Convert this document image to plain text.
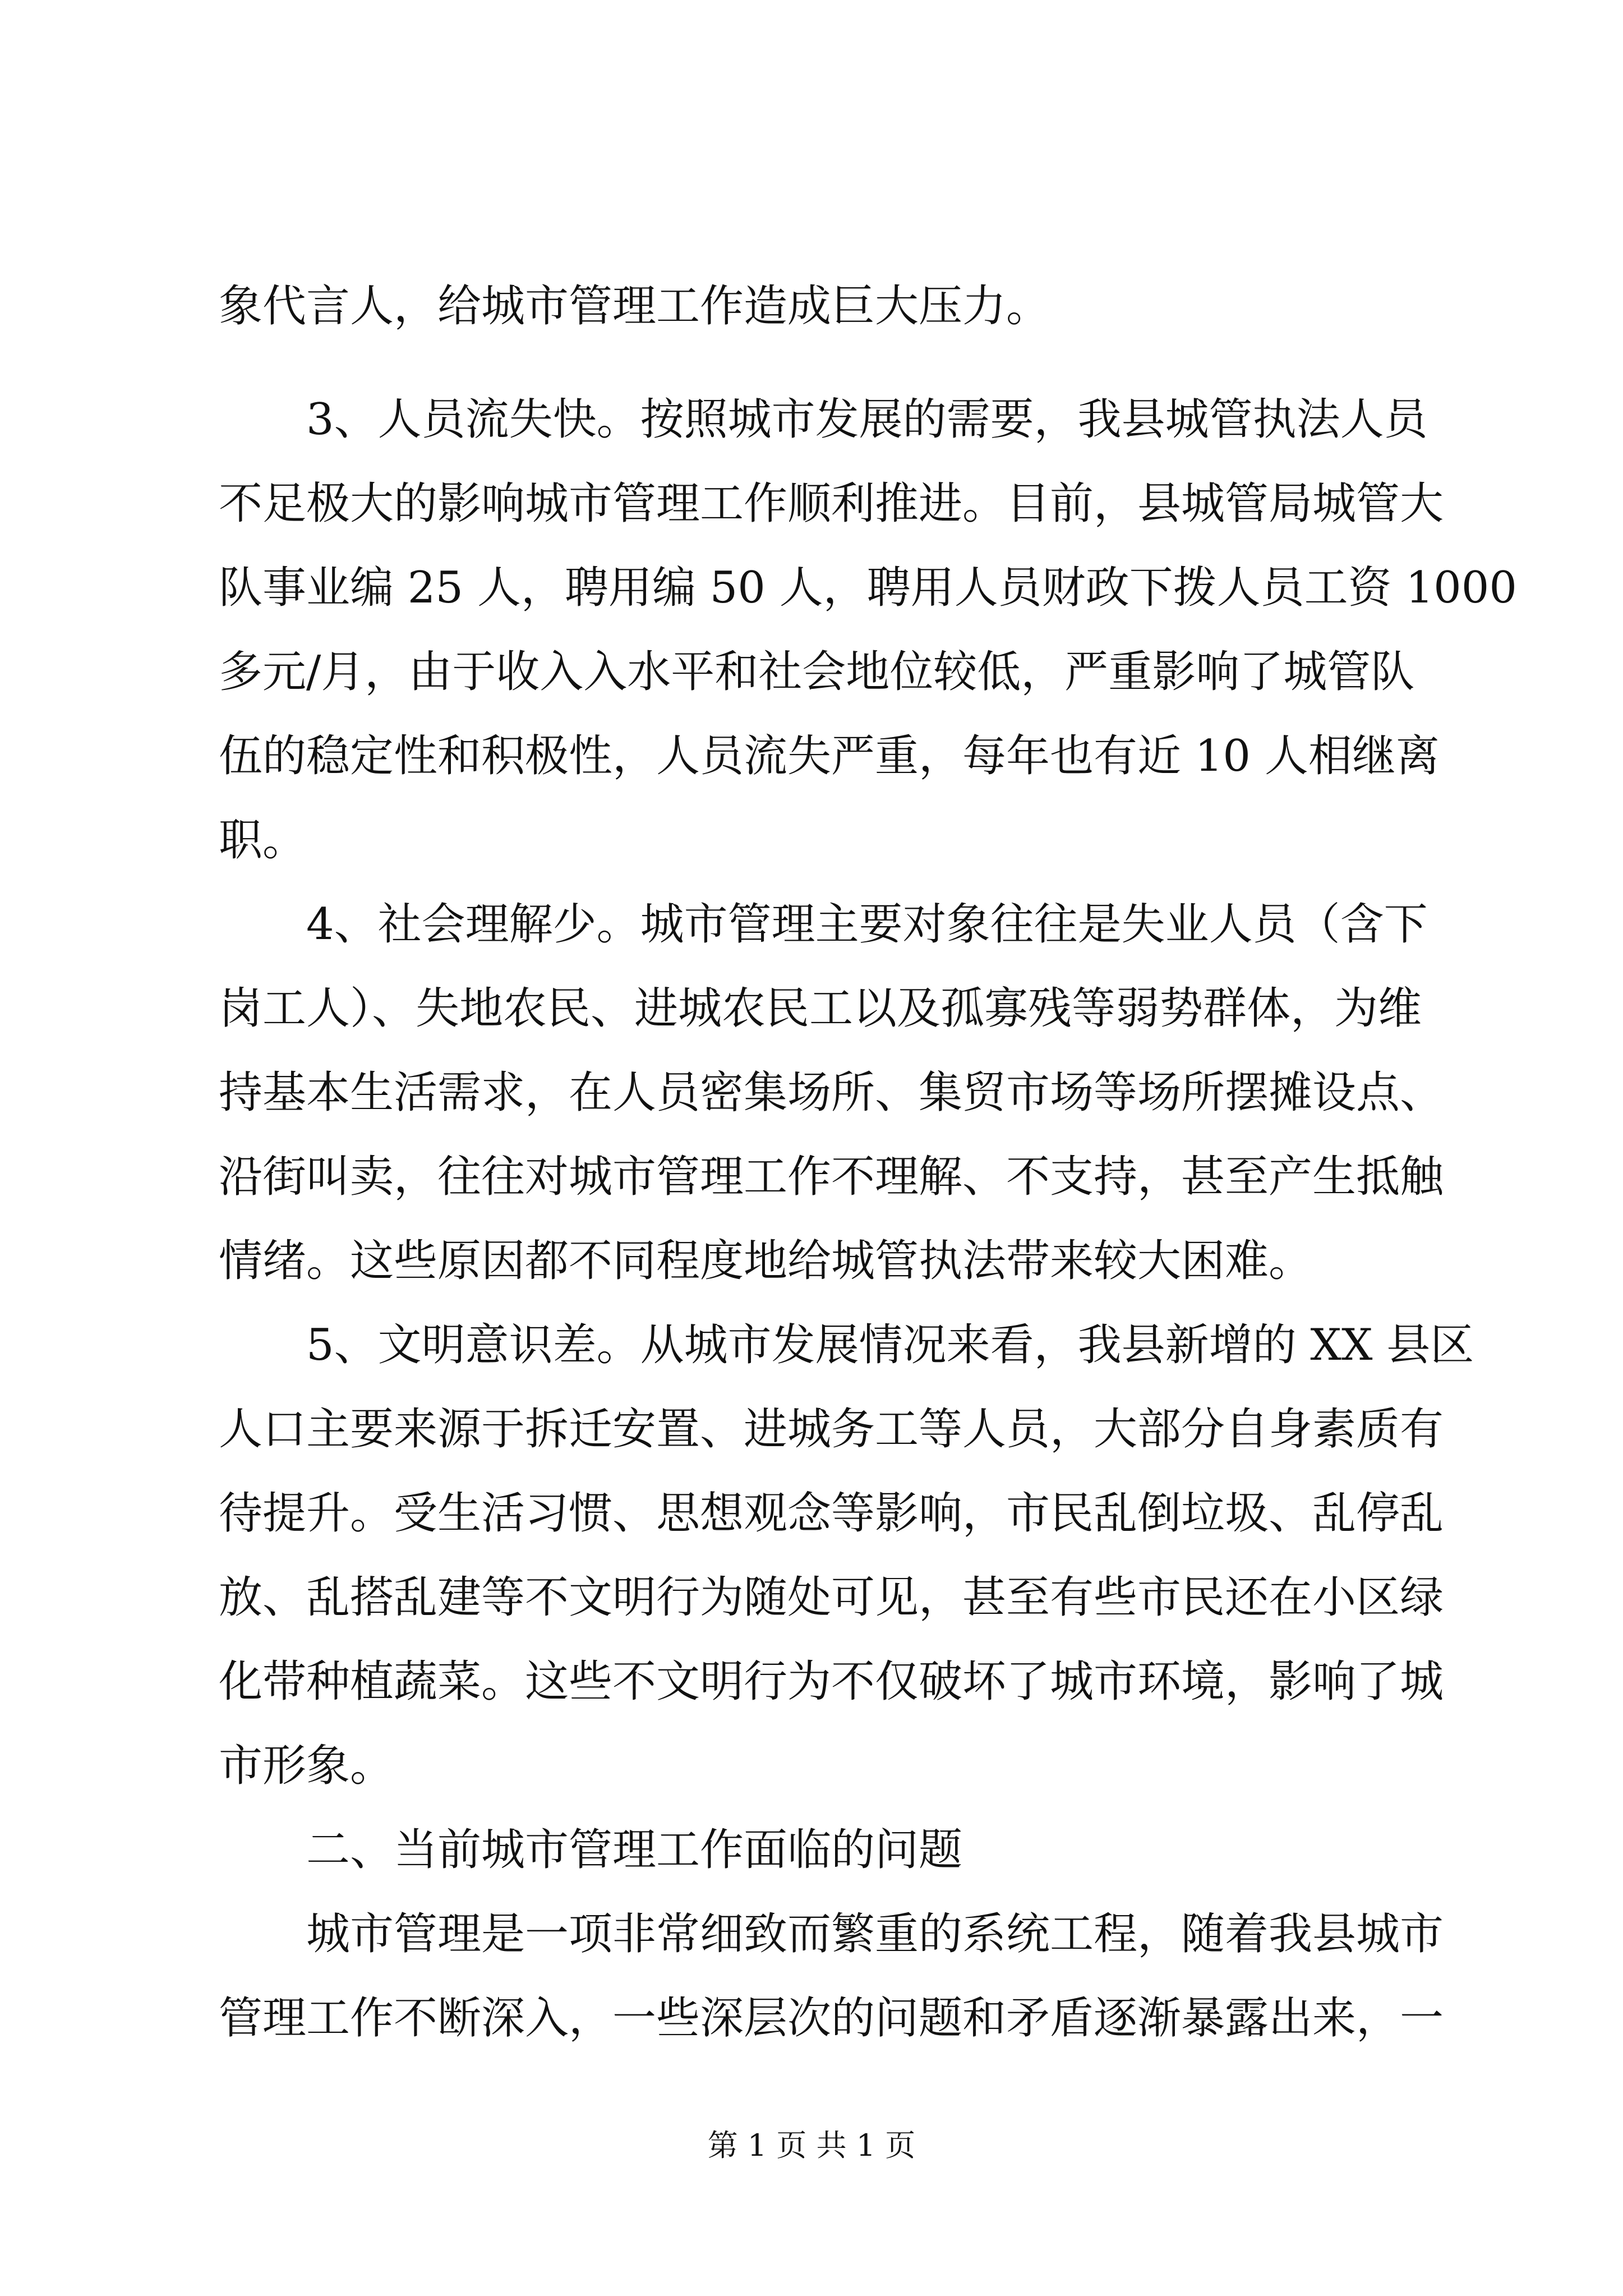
象代言人，给城市管理工作造成巨大压力。
　　3、人员流失快。按照城市发展的需要，我县城管执法人员
不足极大的影响城市管理工作顺利推进。目前，县城管局城管大
队事业编 25 人，聘用编 50 人，聘用人员财政下拨人员工资 1000
多元/月，由于收入入水平和社会地位较低，严重影响了城管队
伍的稳定性和积极性，人员流失严重，每年也有近 10 人相继离
职。
　　4、社会理解少。城市管理主要对象往往是失业人员（含下
岗工人）、失地农民、进城农民工以及孤寡残等弱势群体，为维
持基本生活需求，在人员密集场所、集贸市场等场所摆摊设点、
沿街叫卖，往往对城市管理工作不理解、不支持，甚至产生抵触
情绪。这些原因都不同程度地给城管执法带来较大困难。
　　5、文明意识差。从城市发展情况来看，我县新增的 XX 县区
人口主要来源于拆迁安置、进城务工等人员，大部分自身素质有
待提升。受生活习惯、思想观念等影响，市民乱倒垃圾、乱停乱
放、乱搭乱建等不文明行为随处可见，甚至有些市民还在小区绿
化带种植蔬菜。这些不文明行为不仅破坏了城市环境，影响了城
市形象。
　　二、当前城市管理工作面临的问题
　　城市管理是一项非常细致而繁重的系统工程，随着我县城市
管理工作不断深入，一些深层次的问题和矛盾逐渐暴露出来，一
第 1 页 共 1 页
